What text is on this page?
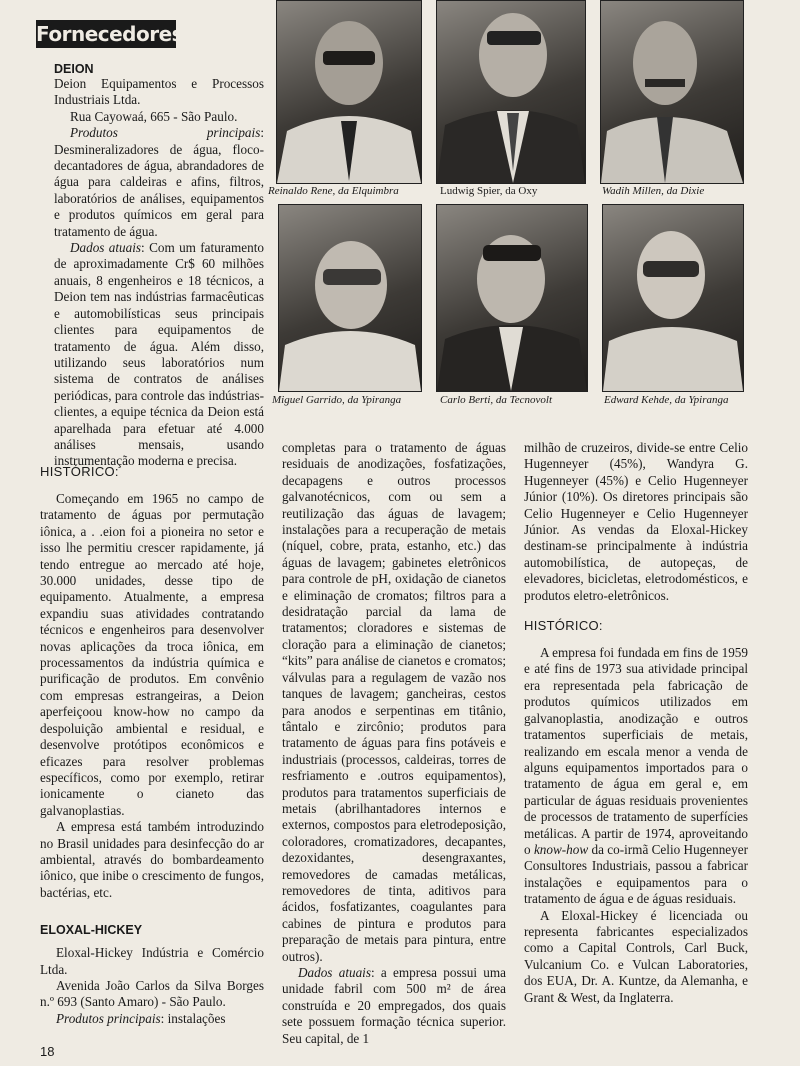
Fornecedores
Reinaldo Rene, da Elquimbra	Ludwig Spier, da Oxy	Wadih Millen, da Dixie
Miguel Garrido, da Ypiranga	Carlo Berti, da Tecnovolt	Edward Kehde, da Ypiranga
DEION

Deion Equipamentos e Processos Industriais Ltda.

Rua Cayowaá, 665 - São Paulo.

Produtos principais: Desmineralizadores de água, floco-decantadores de água, abrandadores de água para caldeiras e afins, filtros, laboratórios de análises, equipamentos e produtos químicos em geral para tratamento de água.

Dados atuais: Com um faturamento de aproximadamente Cr$ 60 milhões anuais, 8 engenheiros e 18 técnicos, a Deion tem nas indústrias farmacêuticas e automobilísticas seus principais clientes para equipamentos de tratamento de água. Além disso, utilizando seus laboratórios num sistema de contratos de análises periódicas, para controle das indústrias-clientes, a equipe técnica da Deion está aparelhada para efetuar até 4.000 análises mensais, usando instrumentação moderna e precisa.

HISTÓRICO:

Começando em 1965 no campo de tratamento de águas por permutação iônica, a . .eion foi a pioneira no setor e isso lhe permitiu crescer rapidamente, já tendo entregue ao mercado até hoje, 30.000 unidades, desse tipo de equipamento. Atualmente, a empresa expandiu suas atividades contratando técnicos e engenheiros para desenvolver novas aplicações da troca iônica, em processamentos da indústria química e purificação de produtos. Em convênio com empresas estrangeiras, a Deion aperfeiçoou know-how no campo da despoluição ambiental e residual, e desenvolve protótipos econômicos e eficazes para resolver problemas específicos, como por exemplo, retirar ionicamente o cianeto das galvanoplastias.

A empresa está também introduzindo no Brasil unidades para desinfecção do ar ambiental, através do bombardeamento iônico, que inibe o crescimento de fungos, bactérias, etc.

ELOXAL-HICKEY

Eloxal-Hickey Indústria e Comércio Ltda.

Avenida João Carlos da Silva Borges n.º 693 (Santo Amaro) - São Paulo.

Produtos principais: instalações

completas para o tratamento de águas residuais de anodizações, fosfatizações, decapagens e outros processos galvanotécnicos, com ou sem a reutilização das águas de lavagem; instalações para a recuperação de metais (níquel, cobre, prata, estanho, etc.) das águas de lavagem; gabinetes eletrônicos para controle de pH, oxidação de cianetos e eliminação de cromatos; filtros para a desidratação parcial da lama de tratamentos; cloradores e sistemas de cloração para a eliminação de cianetos; “kits” para análise de cianetos e cromatos; válvulas para a regulagem de vazão nos tanques de lavagem; gancheiras, cestos para anodos e serpentinas em titânio, tântalo e zircônio; produtos para tratamento de águas para fins potáveis e industriais (processos, caldeiras, torres de resfriamento e .outros equipamentos), produtos para tratamentos superficiais de metais (abrilhantadores internos e externos, compostos para eletrodeposição, coloradores, cromatizadores, decapantes, dezoxidantes, desengraxantes, removedores de camadas metálicas, removedores de tinta, aditivos para ácidos, fosfatizantes, coagulantes para cabines de pintura e produtos para preparação de metais para pintura, entre outros).

Dados atuais: a empresa possui uma unidade fabril com 500 m² de área construída e 20 empregados, dos quais sete possuem formação técnica superior. Seu capital, de 1

milhão de cruzeiros, divide-se entre Celio Hugenneyer (45%), Wandyra G. Hugenneyer (45%) e Celio Hugenneyer Júnior (10%). Os diretores principais são Celio Hugenneyer e Celio Hugenneyer Júnior. As vendas da Eloxal-Hickey destinam-se principalmente à indústria automobilística, de autopeças, de elevadores, bicicletas, eletrodomésticos, e produtos eletro-eletrônicos.

HISTÓRICO:

A empresa foi fundada em fins de 1959 e até fins de 1973 sua atividade principal era representada pela fabricação de produtos químicos utilizados em galvanoplastia, anodização e outros tratamentos superficiais de metais, realizando em escala menor a venda de alguns equipamentos importados para o tratamento de água em geral e, em particular de águas residuais provenientes de processos de tratamento de superfícies metálicas. A partir de 1974, aproveitando o know-how da co-irmã Celio Hugenneyer Consultores Industriais, passou a fabricar instalações e equipamentos para o tratamento de água e de águas residuais.

A Eloxal-Hickey é licenciada ou representa fabricantes especializados como a Capital Controls, Carl Buck, Vulcanium Co. e Vulcan Laboratories, dos EUA, Dr. A. Kuntze, da Alemanha, e Grant & West, da Inglaterra.

18
